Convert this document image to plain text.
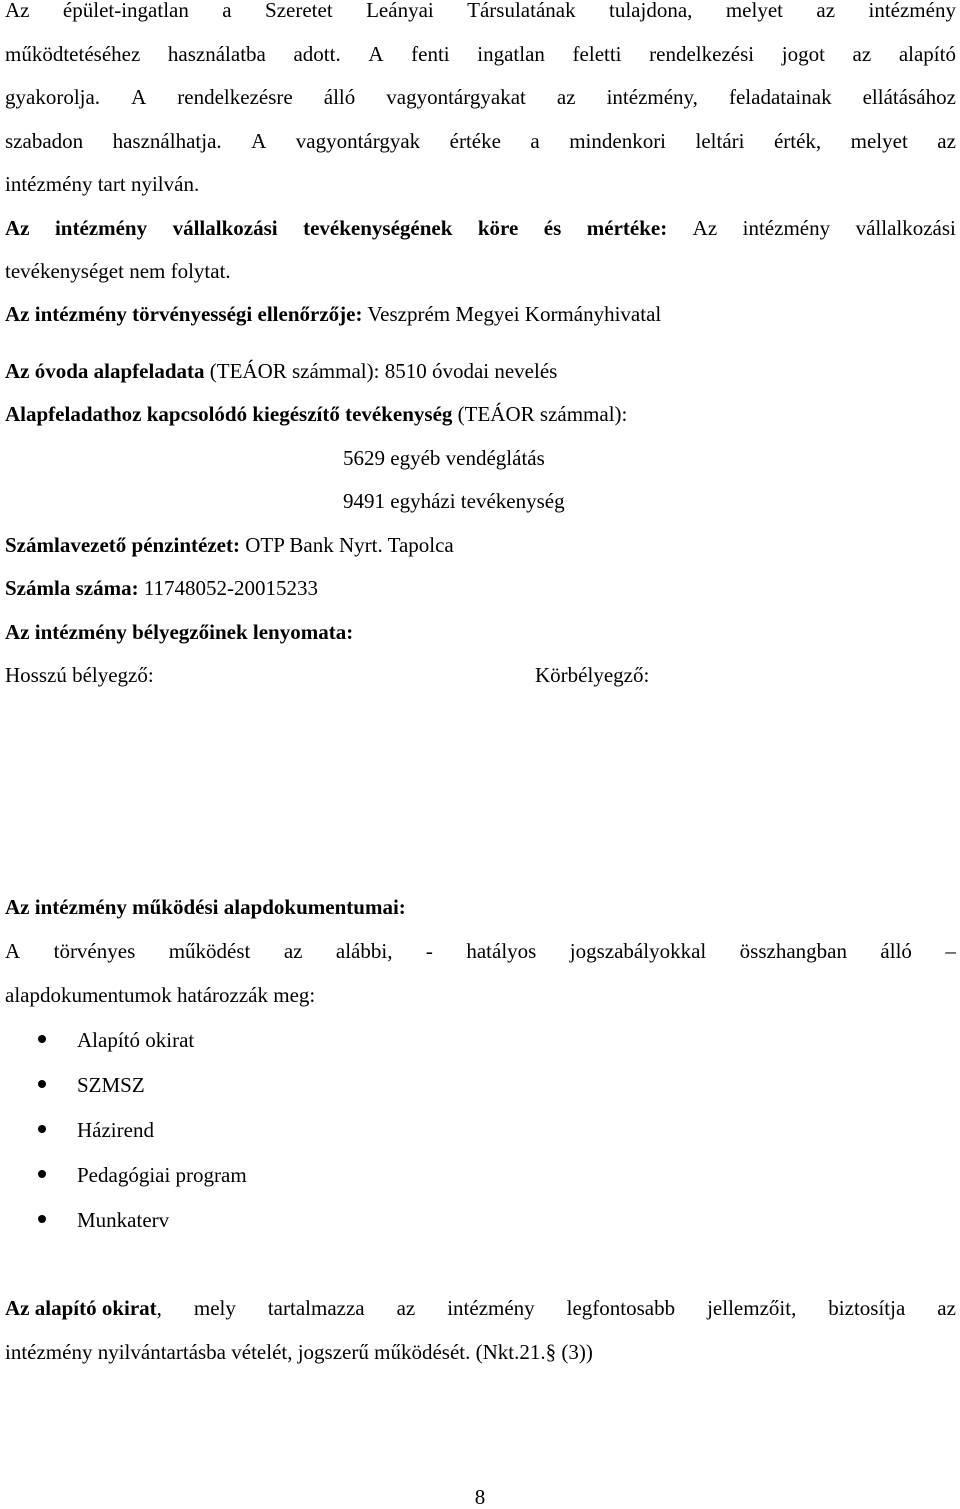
Az épület-ingatlan a Szeretet Leányai Társulatának tulajdona, melyet az intézmény
működtetéséhez használatba adott. A fenti ingatlan feletti rendelkezési jogot az alapító
gyakorolja. A rendelkezésre álló vagyontárgyakat az intézmény, feladatainak ellátásához
szabadon használhatja. A vagyontárgyak értéke a mindenkori leltári érték, melyet az
intézmény tart nyilván.
Az intézmény vállalkozási tevékenységének köre és mértéke: Az intézmény vállalkozási
tevékenységet nem folytat.
Az intézmény törvényességi ellenőrzője: Veszprém Megyei Kormányhivatal
Az óvoda alapfeladata (TEÁOR számmal): 8510 óvodai nevelés
Alapfeladathoz kapcsolódó kiegészítő tevékenység (TEÁOR számmal):
5629 egyéb vendéglátás
9491 egyházi tevékenység
Számlavezető pénzintézet: OTP Bank Nyrt. Tapolca
Számla száma: 11748052-20015233
Az intézmény bélyegzőinek lenyomata:
Hosszú bélyegző:	Körbélyegző:
Az intézmény működési alapdokumentumai:
A törvényes működést az alábbi, - hatályos jogszabályokkal összhangban álló –
alapdokumentumok határozzák meg:
Alapító okirat
SZMSZ
Házirend
Pedagógiai program
Munkaterv
Az alapító okirat, mely tartalmazza az intézmény legfontosabb jellemzőit, biztosítja az
intézmény nyilvántartásba vételét, jogszerű működését. (Nkt.21.§ (3))
8
